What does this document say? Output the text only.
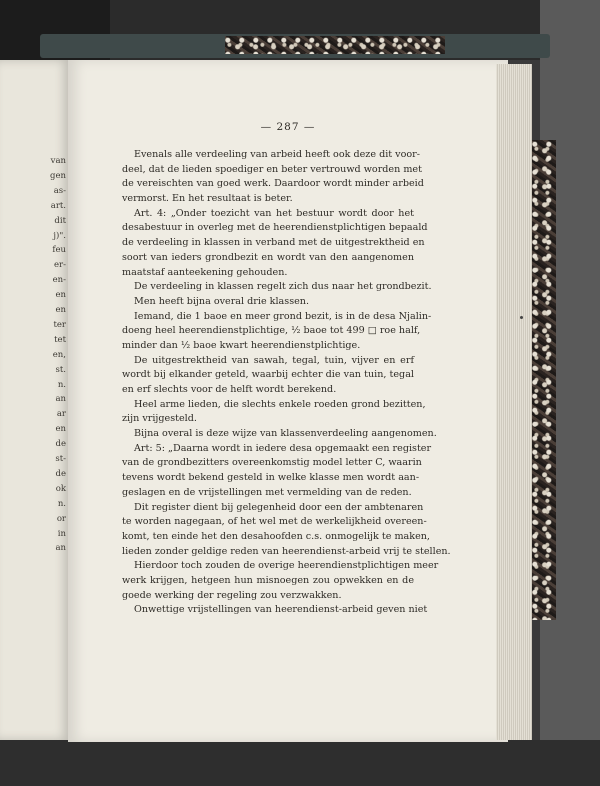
van
gen
as-
art.
dit
j)".
feu
er-
en-
en
en
ter
tet
en,
st.
n.
an
ar
en
de
st-
de
ok
n.
or
in
an
— 287 —
Evenals alle verdeeling van arbeid heeft ook deze dit voor-
deel, dat de lieden spoediger en beter vertrouwd worden met
de vereischten van goed werk. Daardoor wordt minder arbeid
vermorst. En het resultaat is beter.
Art. 4: „Onder toezicht van het bestuur wordt door het
desabestuur in overleg met de heerendienstplichtigen bepaald
de verdeeling in klassen in verband met de uitgestrektheid en
soort van ieders grondbezit en wordt van den aangenomen
maatstaf aanteekening gehouden.
De verdeeling in klassen regelt zich dus naar het grondbezit.
Men heeft bijna overal drie klassen.
Iemand, die 1 baoe en meer grond bezit, is in de desa Njalin-
doeng heel heerendienstplichtige, ½ baoe tot 499 □ roe half,
minder dan ½ baoe kwart heerendienstplichtige.
De uitgestrektheid van sawah, tegal, tuin, vijver en erf
wordt bij elkander geteld, waarbij echter die van tuin, tegal
en erf slechts voor de helft wordt berekend.
Heel arme lieden, die slechts enkele roeden grond bezitten,
zijn vrijgesteld.
Bijna overal is deze wijze van klassenverdeeling aangenomen.
Art: 5: „Daarna wordt in iedere desa opgemaakt een register
van de grondbezitters overeenkomstig model letter C, waarin
tevens wordt bekend gesteld in welke klasse men wordt aan-
geslagen en de vrijstellingen met vermelding van de reden.
Dit register dient bij gelegenheid door een der ambtenaren
te worden nagegaan, of het wel met de werkelijkheid overeen-
komt, ten einde het den desahoofden c.s. onmogelijk te maken,
lieden zonder geldige reden van heerendienst-arbeid vrij te stellen.
Hierdoor toch zouden de overige heerendienstplichtigen meer
werk krijgen, hetgeen hun misnoegen zou opwekken en de
goede werking der regeling zou verzwakken.
Onwettige vrijstellingen van heerendienst-arbeid geven niet
